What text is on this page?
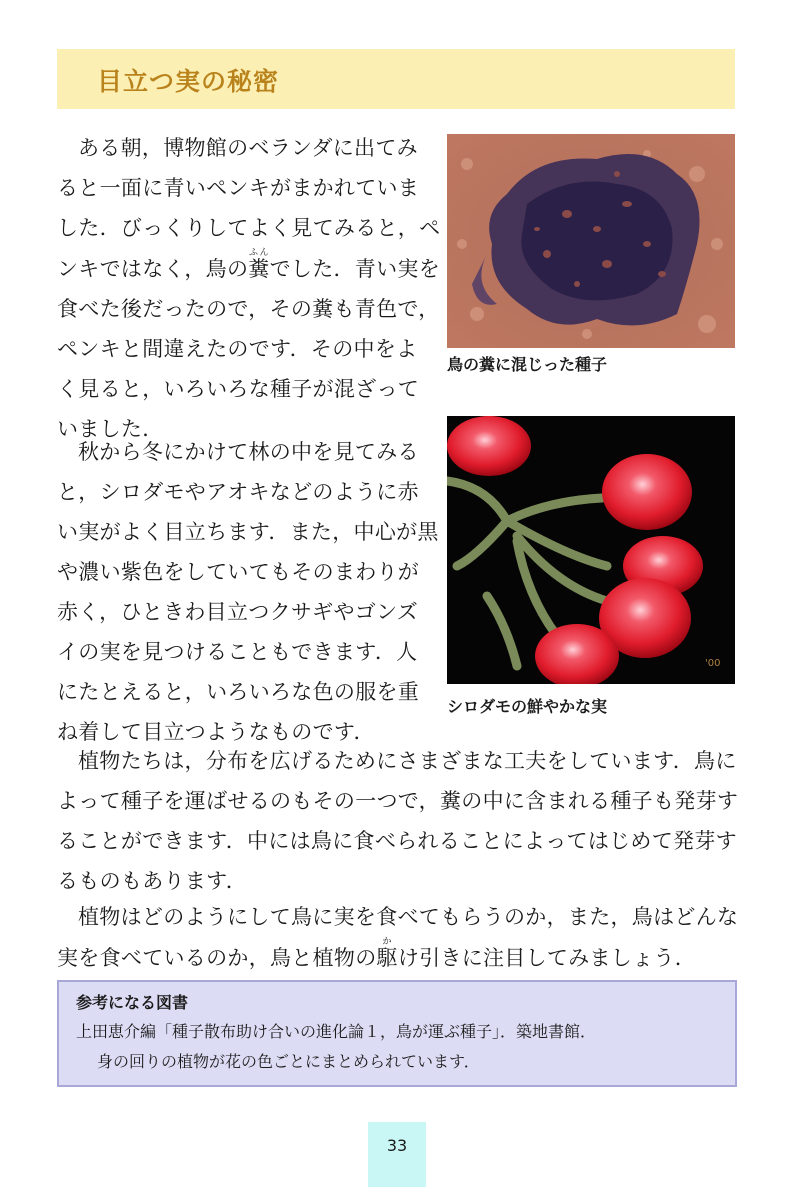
目立つ実の秘密

ある朝，博物館のベランダに出てみ
ると一面に青いペンキがまかれていま
した．びっくりしてよく見てみると，ペ
ンキではなく，鳥の糞ふんでした．青い実を
食べた後だったので，その糞も青色で，
ペンキと間違えたのです．その中をよ
く見ると，いろいろな種子が混ざって
いました．

秋から冬にかけて林の中を見てみる
と，シロダモやアオキなどのように赤
い実がよく目立ちます．また，中心が黒
や濃い紫色をしていてもそのまわりが
赤く，ひときわ目立つクサギやゴンズ
イの実を見つけることもできます．人
にたとえると，いろいろな色の服を重
ね着して目立つようなものです．

植物たちは，分布を広げるためにさまざまな工夫をしています．鳥に
よって種子を運ばせるのもその一つで，糞の中に含まれる種子も発芽す
ることができます．中には鳥に食べられることによってはじめて発芽す
るものもあります．

植物はどのようにして鳥に実を食べてもらうのか，また，鳥はどんな
実を食べているのか，鳥と植物の駆かけ引きに注目してみましょう．

鳥の糞に混じった種子
'00
シロダモの鮮やかな実
参考になる図書
上田恵介編「種子散布助け合いの進化論１，鳥が運ぶ種子」．築地書館．
身の回りの植物が花の色ごとにまとめられています．
33
